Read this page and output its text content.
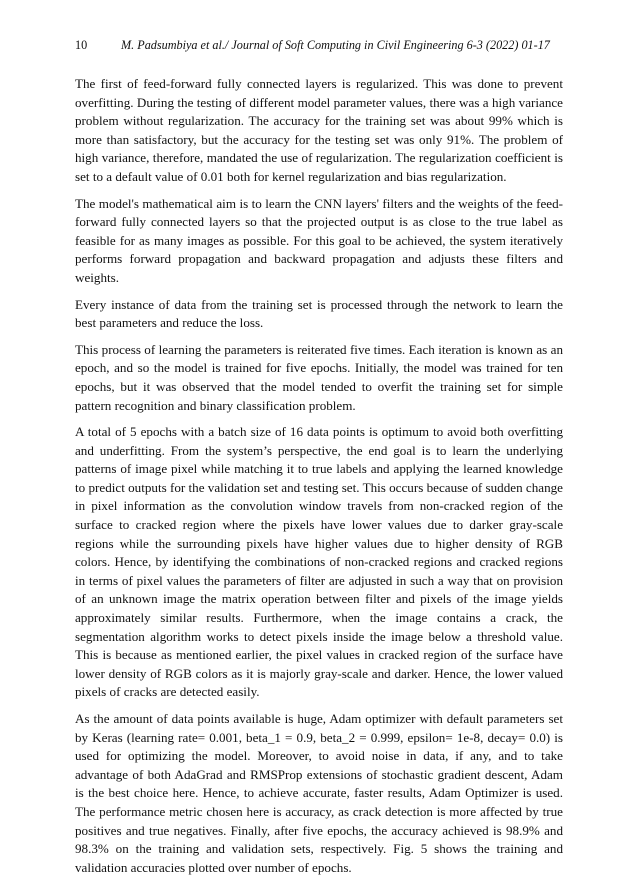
10	M. Padsumbiya et al./ Journal of Soft Computing in Civil Engineering 6-3 (2022) 01-17

The first of feed-forward fully connected layers is regularized. This was done to prevent overfitting. During the testing of different model parameter values, there was a high variance problem without regularization. The accuracy for the training set was about 99% which is more than satisfactory, but the accuracy for the testing set was only 91%. The problem of high variance, therefore, mandated the use of regularization. The regularization coefficient is set to a default value of 0.01 both for kernel regularization and bias regularization.

The model's mathematical aim is to learn the CNN layers' filters and the weights of the feed-forward fully connected layers so that the projected output is as close to the true label as feasible for as many images as possible. For this goal to be achieved, the system iteratively performs forward propagation and backward propagation and adjusts these filters and weights.

Every instance of data from the training set is processed through the network to learn the best parameters and reduce the loss.

This process of learning the parameters is reiterated five times. Each iteration is known as an epoch, and so the model is trained for five epochs. Initially, the model was trained for ten epochs, but it was observed that the model tended to overfit the training set for simple pattern recognition and binary classification problem.

A total of 5 epochs with a batch size of 16 data points is optimum to avoid both overfitting and underfitting. From the system’s perspective, the end goal is to learn the underlying patterns of image pixel while matching it to true labels and applying the learned knowledge to predict outputs for the validation set and testing set. This occurs because of sudden change in pixel information as the convolution window travels from non-cracked region of the surface to cracked region where the pixels have lower values due to darker gray-scale regions while the surrounding pixels have higher values due to higher density of RGB colors. Hence, by identifying the combinations of non-cracked regions and cracked regions in terms of pixel values the parameters of filter are adjusted in such a way that on provision of an unknown image the matrix operation between filter and pixels of the image yields approximately similar results. Furthermore, when the image contains a crack, the segmentation algorithm works to detect pixels inside the image below a threshold value. This is because as mentioned earlier, the pixel values in cracked region of the surface have lower density of RGB colors as it is majorly gray-scale and darker. Hence, the lower valued pixels of cracks are detected easily.

As the amount of data points available is huge, Adam optimizer with default parameters set by Keras (learning rate= 0.001, beta_1 = 0.9, beta_2 = 0.999, epsilon= 1e-8, decay= 0.0) is used for optimizing the model. Moreover, to avoid noise in data, if any, and to take advantage of both AdaGrad and RMSProp extensions of stochastic gradient descent, Adam is the best choice here. Hence, to achieve accurate, faster results, Adam Optimizer is used. The performance metric chosen here is accuracy, as crack detection is more affected by true positives and true negatives. Finally, after five epochs, the accuracy achieved is 98.9% and 98.3% on the training and validation sets, respectively. Fig. 5 shows the training and validation accuracies plotted over number of epochs.
